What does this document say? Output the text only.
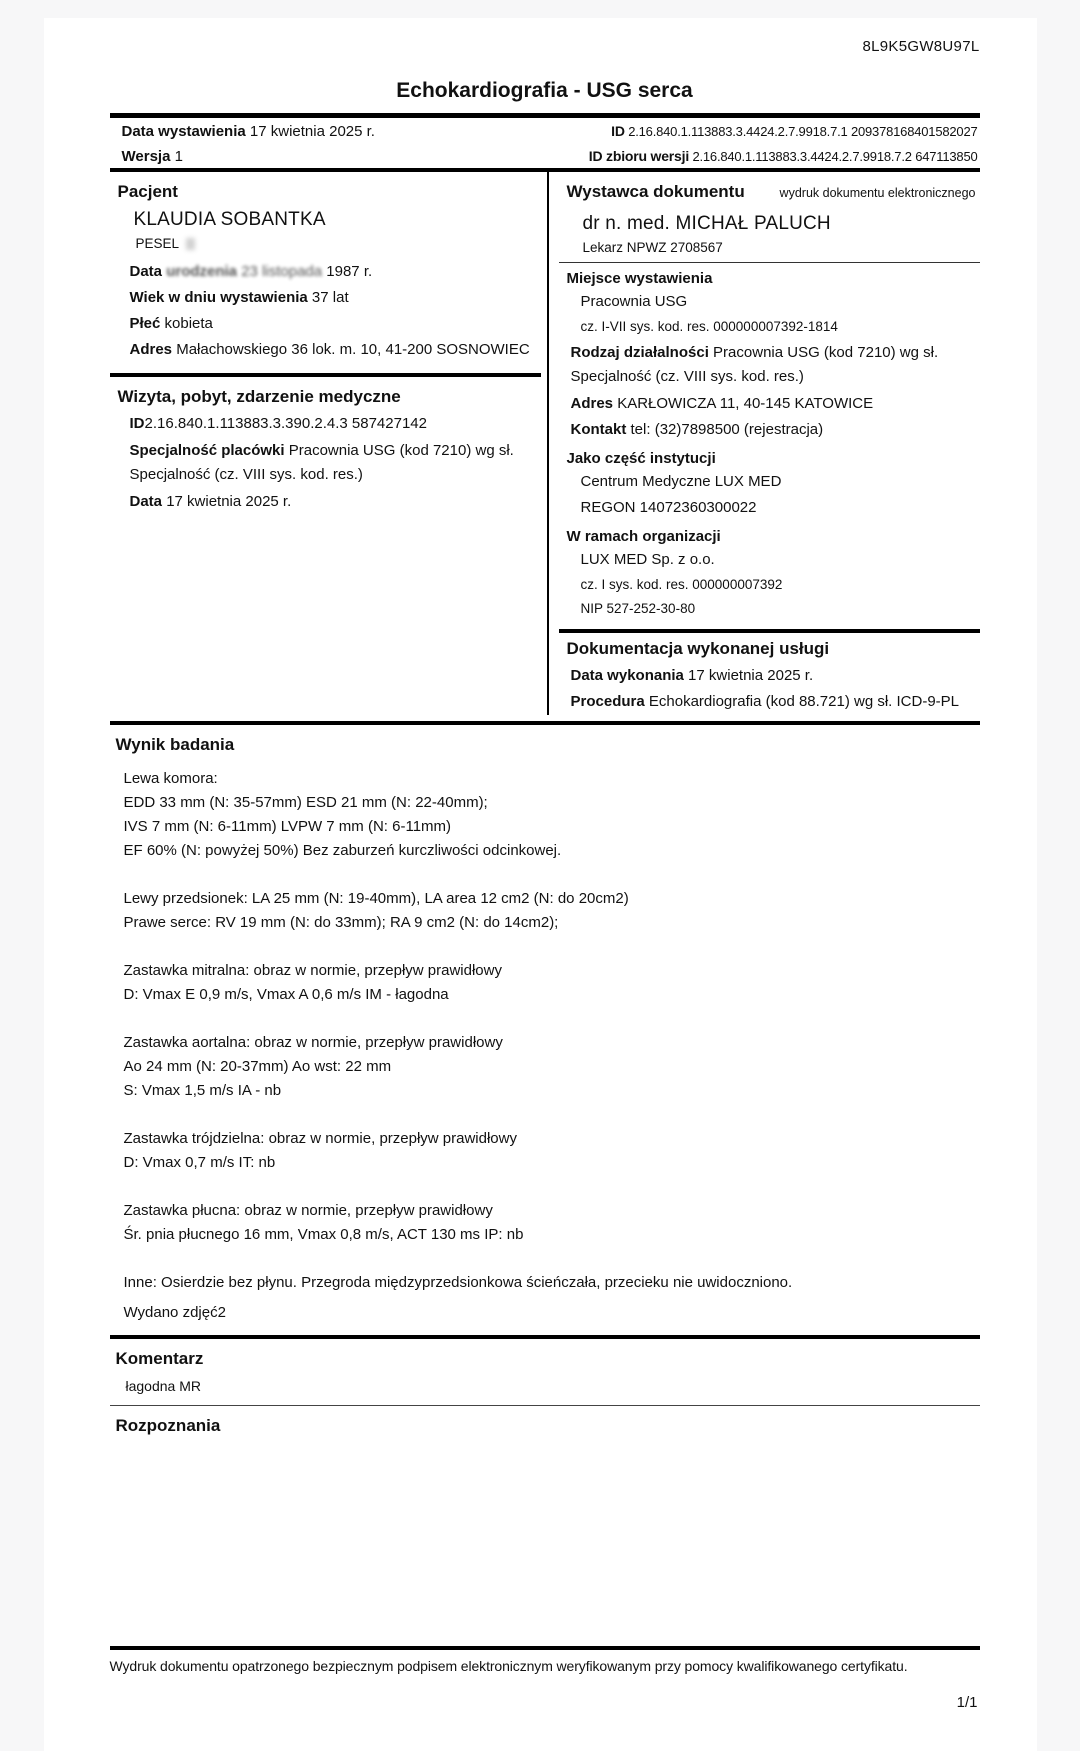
8L9K5GW8U97L
Echokardiografia - USG serca
Data wystawienia 17 kwietnia 2025 r.	ID 2.16.840.1.113883.3.4424.2.7.9918.7.1 209378168401582027
Wersja 1	ID zbioru wersji 2.16.840.1.113883.3.4424.2.7.9918.7.2 647113850
Pacjent
KLAUDIA SOBANTKA
PESEL
Data urodzenia 23 listopada 1987 r.
Wiek w dniu wystawienia 37 lat
Płeć kobieta
Adres Małachowskiego 36 lok. m. 10, 41-200 SOSNOWIEC
Wizyta, pobyt, zdarzenie medyczne
ID2.16.840.1.113883.3.390.2.4.3 587427142
Specjalność placówki Pracownia USG (kod 7210) wg sł. Specjalność (cz. VIII sys. kod. res.)
Data 17 kwietnia 2025 r.
Wystawca dokumentu	wydruk dokumentu elektronicznego
dr n. med. MICHAŁ PALUCH
Lekarz NPWZ 2708567
Miejsce wystawienia
Pracownia USG
cz. I-VII sys. kod. res. 000000007392-1814
Rodzaj działalności Pracownia USG (kod 7210) wg sł. Specjalność (cz. VIII sys. kod. res.)
Adres KARŁOWICZA 11, 40-145 KATOWICE
Kontakt tel: (32)7898500 (rejestracja)
Jako część instytucji
Centrum Medyczne LUX MED
REGON 14072360300022
W ramach organizacji
LUX MED Sp. z o.o.
cz. I sys. kod. res. 000000007392
NIP 527-252-30-80
Dokumentacja wykonanej usługi
Data wykonania 17 kwietnia 2025 r.
Procedura Echokardiografia (kod 88.721) wg sł. ICD-9-PL
Wynik badania
Lewa komora:
EDD 33 mm (N: 35-57mm) ESD 21 mm (N: 22-40mm);
IVS 7 mm (N: 6-11mm) LVPW 7 mm (N: 6-11mm)
EF 60% (N: powyżej 50%) Bez zaburzeń kurczliwości odcinkowej.
Lewy przedsionek: LA 25 mm (N: 19-40mm), LA area 12 cm2 (N: do 20cm2)
Prawe serce: RV 19 mm (N: do 33mm); RA 9 cm2 (N: do 14cm2);
Zastawka mitralna: obraz w normie, przepływ prawidłowy
D: Vmax E 0,9 m/s, Vmax A 0,6 m/s IM - łagodna
Zastawka aortalna: obraz w normie, przepływ prawidłowy
Ao 24 mm (N: 20-37mm) Ao wst: 22 mm
S: Vmax 1,5 m/s IA - nb
Zastawka trójdzielna: obraz w normie, przepływ prawidłowy
D: Vmax 0,7 m/s IT: nb
Zastawka płucna: obraz w normie, przepływ prawidłowy
Śr. pnia płucnego 16 mm, Vmax 0,8 m/s, ACT 130 ms IP: nb
Inne: Osierdzie bez płynu. Przegroda międzyprzedsionkowa ścieńczała, przecieku nie uwidoczniono.
Wydano zdjęć2
Komentarz
łagodna MR
Rozpoznania
Wydruk dokumentu opatrzonego bezpiecznym podpisem elektronicznym weryfikowanym przy pomocy kwalifikowanego certyfikatu.
1/1
